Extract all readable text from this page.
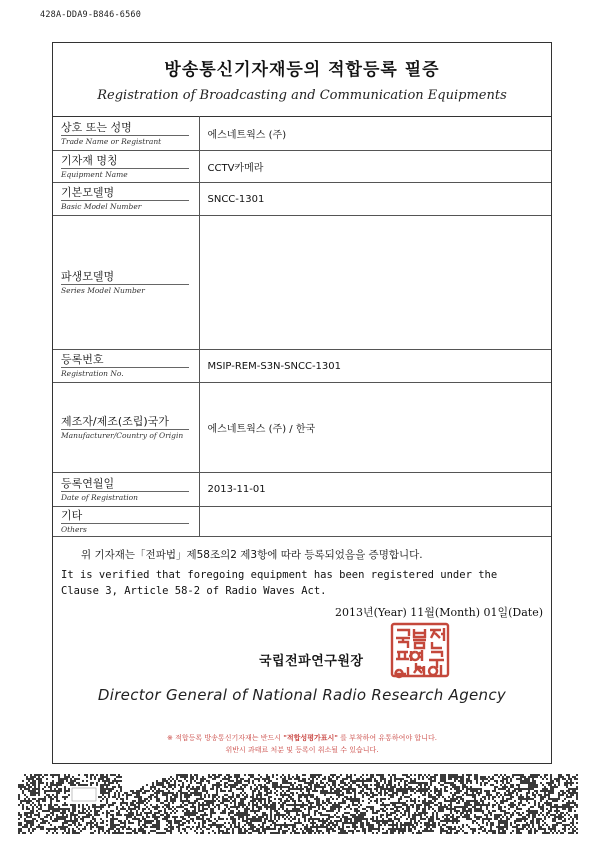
428A-DDA9-B846-6560
방송통신기자재등의 적합등록 필증
Registration of Broadcasting and Communication Equipments
상호 또는 성명
Trade Name or Registrant	에스네트웍스 (주)

기자재 명칭
Equipment Name	CCTV카메라

기본모델명
Basic Model Number	SNCC-1301

파생모델명
Series Model Number	

등록번호
Registration No.	MSIP-REM-S3N-SNCC-1301

제조자/제조(조립)국가
Manufacturer/Country of Origin	에스네트웍스 (주) / 한국

등록연월일
Date of Registration	2013-11-01

기타
Others	

위 기자재는「전파법」제58조의2 제3항에 따라 등록되었음을 증명합니다.
It is verified that foregoing equipment has been registered under the Clause 3, Article 58-2 of Radio Waves Act.
2013년(Year) 11월(Month) 01일(Date)
국립전파연구원장
Director General of National Radio Research Agency
※ 적합등록 방송통신기자재는 반드시 "적합성평가표시" 를 부착하여 유통하여야 합니다.
위반시 과태료 처분 및 등록이 취소될 수 있습니다.
